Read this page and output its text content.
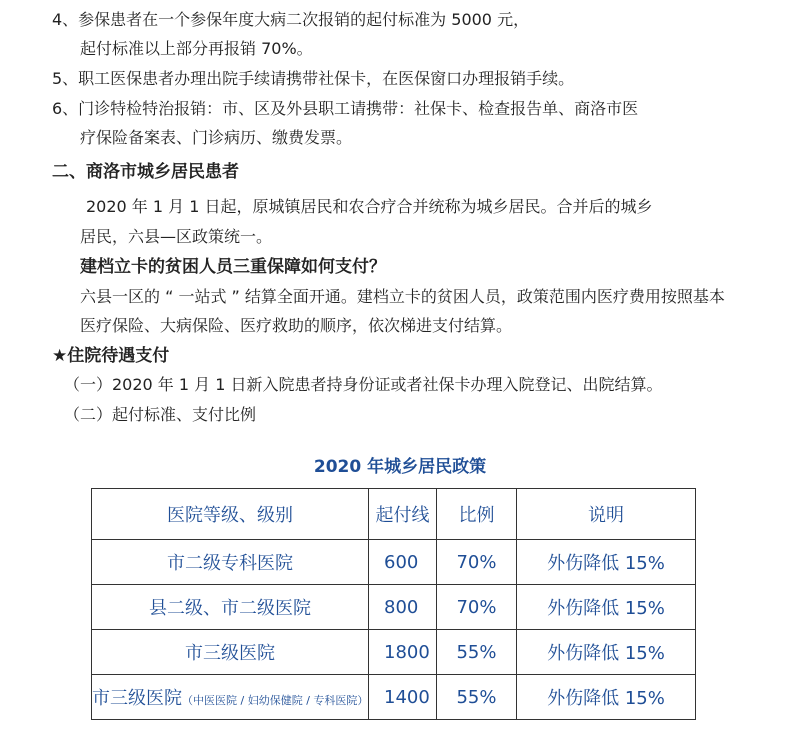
4、参保患者在一个参保年度大病二次报销的起付标准为 5000 元，
起付标准以上部分再报销 70%。
5、职工医保患者办理出院手续请携带社保卡，在医保窗口办理报销手续。
6、门诊特检特治报销：市、区及外县职工请携带：社保卡、检查报告单、商洛市医
疗保险备案表、门诊病历、缴费发票。
二、商洛市城乡居民患者
2020 年 1 月 1 日起，原城镇居民和农合疗合并统称为城乡居民。合并后的城乡
居民，六县—区政策统一。
建档立卡的贫困人员三重保障如何支付？
六县一区的 “ 一站式 ” 结算全面开通。建档立卡的贫困人员，政策范围内医疗费用按照基本
医疗保险、大病保险、医疗救助的顺序，依次梯进支付结算。
★住院待遇支付
（一）2020 年 1 月 1 日新入院患者持身份证或者社保卡办理入院登记、出院结算。
（二）起付标准、支付比例
2020 年城乡居民政策
医院等级、级别	起付线	比例	说明
市二级专科医院	600	70%	外伤降低 15%
县二级、市二级医院	800	70%	外伤降低 15%
市三级医院	1800	55%	外伤降低 15%
市三级医院（中医医院 / 妇幼保健院 / 专科医院）	1400	55%	外伤降低 15%
